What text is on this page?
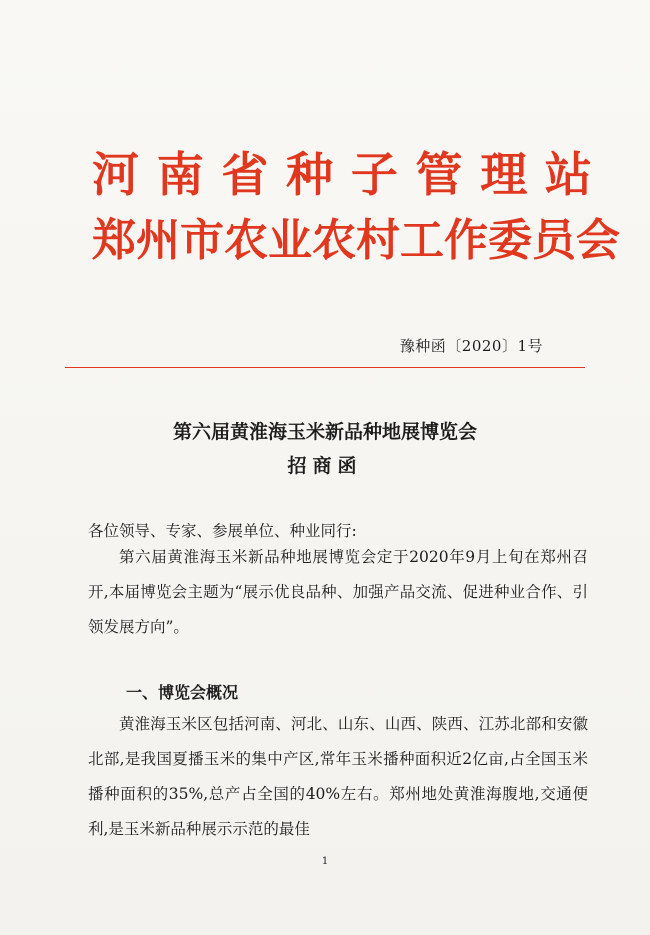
河 南 省 种 子 管 理 站
郑 州 市 农 业 农 村 工 作 委 员 会
豫种函〔2020〕1号
第六届黄淮海玉米新品种地展博览会
招商函
各位领导、专家、参展单位、种业同行:
第六届黄淮海玉米新品种地展博览会定于2020年9月上旬在郑州召开,本届博览会主题为“展示优良品种、加强产品交流、促进种业合作、引领发展方向”。
一、博览会概况
黄淮海玉米区包括河南、河北、山东、山西、陕西、江苏北部和安徽北部,是我国夏播玉米的集中产区,常年玉米播种面积近2亿亩,占全国玉米播种面积的35%,总产占全国的40%左右。郑州地处黄淮海腹地,交通便利,是玉米新品种展示示范的最佳
1
